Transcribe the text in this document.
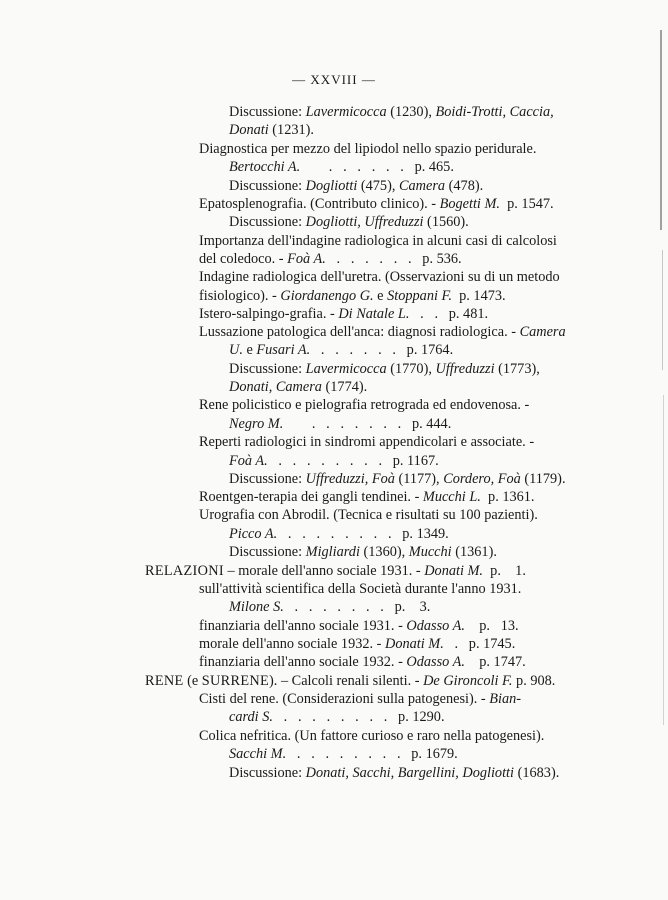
— XXVIII —
Discussione: Lavermicocca (1230), Boidi-Trotti, Caccia,
Donati (1231).
Diagnostica per mezzo del lipiodol nello spazio peridurale.
Bertocchi A.        .   .   .   .   .   .   p. 465.
Discussione: Dogliotti (475), Camera (478).
Epatosplenografia. (Contributo clinico). - Bogetti M.  p. 1547.
Discussione: Dogliotti, Uffreduzzi (1560).
Importanza dell'indagine radiologica in alcuni casi di calcolosi
del coledoco. - Foà A.   .   .   .   .   .   .   p. 536.
Indagine radiologica dell'uretra. (Osservazioni su di un metodo
fisiologico). - Giordanengo G. e Stoppani F.  p. 1473.
Istero-salpingo-grafia. - Di Natale L.   .   .   p. 481.
Lussazione patologica dell'anca: diagnosi radiologica. - Camera
U. e Fusari A.   .   .   .   .   .   .   p. 1764.
Discussione: Lavermicocca (1770), Uffreduzzi (1773),
Donati, Camera (1774).
Rene policistico e pielografia retrograda ed endovenosa. -
Negro M.        .   .   .   .   .   .   .   p. 444.
Reperti radiologici in sindromi appendicolari e associate. -
Foà A.   .   .   .   .   .   .   .   .   p. 1167.
Discussione: Uffreduzzi, Foà (1177), Cordero, Foà (1179).
Roentgen-terapia dei gangli tendinei. - Mucchi L.  p. 1361.
Urografia con Abrodil. (Tecnica e risultati su 100 pazienti).
Picco A.   .   .   .   .   .   .   .   .   p. 1349.
Discussione: Migliardi (1360), Mucchi (1361).
RELAZIONI – morale dell'anno sociale 1931. - Donati M.  p.    1.
sull'attività scientifica della Società durante l'anno 1931.
Milone S.   .   .   .   .   .   .   .   p.    3.
finanziaria dell'anno sociale 1931. - Odasso A.    p.   13.
morale dell'anno sociale 1932. - Donati M.   .   p. 1745.
finanziaria dell'anno sociale 1932. - Odasso A.    p. 1747.
RENE (e SURRENE). – Calcoli renali silenti. - De Gironcoli F. p. 908.
Cisti del rene. (Considerazioni sulla patogenesi). - Bian-
cardi S.   .   .   .   .   .   .   .   .   p. 1290.
Colica nefritica. (Un fattore curioso e raro nella patogenesi).
Sacchi M.   .   .   .   .   .   .   .   .   p. 1679.
Discussione: Donati, Sacchi, Bargellini, Dogliotti (1683).
